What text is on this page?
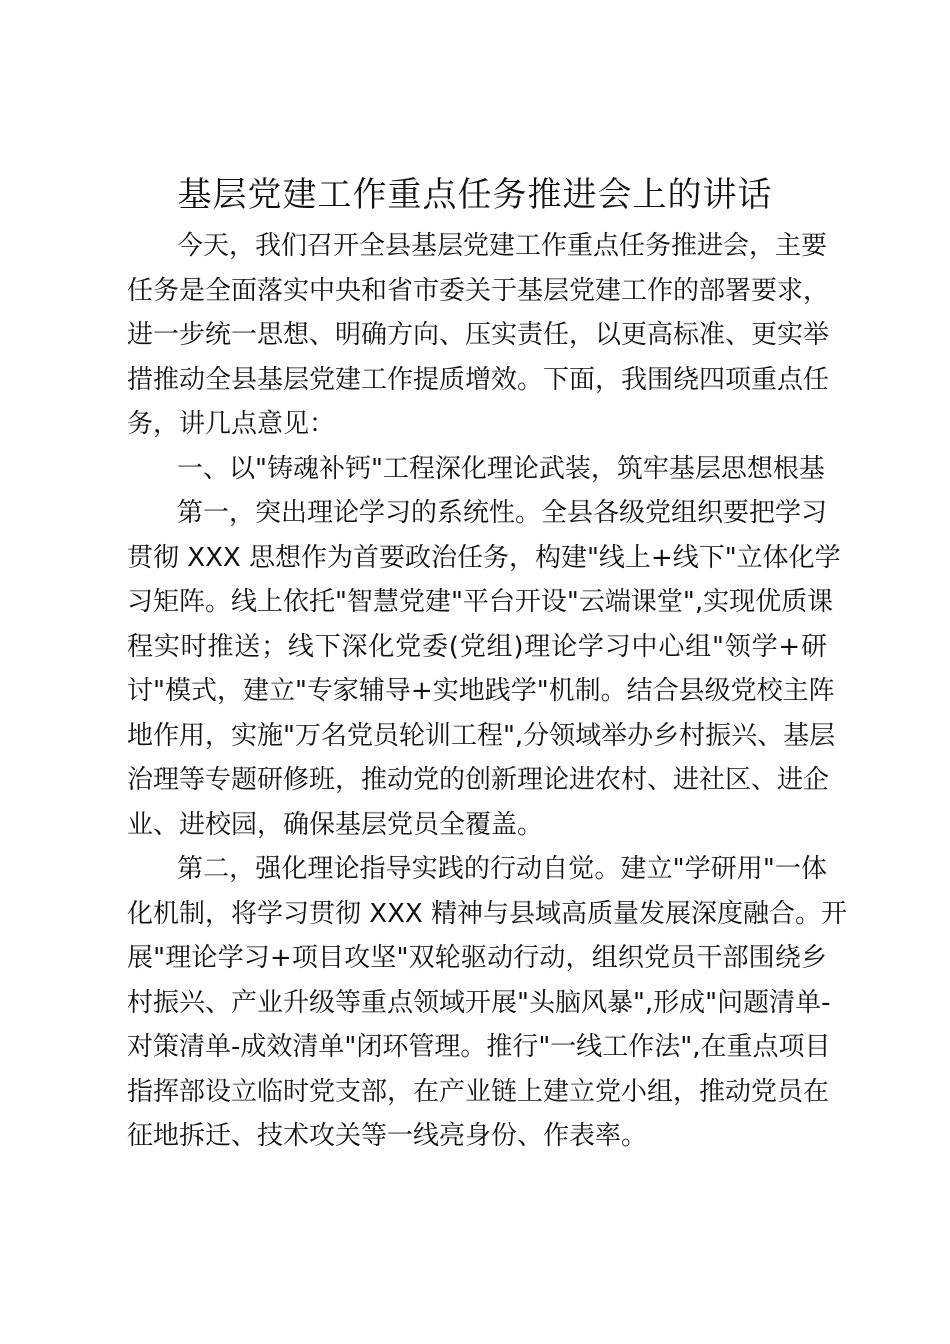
基层党建工作重点任务推进会上的讲话
今天，我们召开全县基层党建工作重点任务推进会，主要
任务是全面落实中央和省市委关于基层党建工作的部署要求，
进一步统一思想、明确方向、压实责任，以更高标准、更实举
措推动全县基层党建工作提质增效。下面，我围绕四项重点任
务，讲几点意见：
一、以"铸魂补钙"工程深化理论武装，筑牢基层思想根基
第一，突出理论学习的系统性。全县各级党组织要把学习
贯彻 XXX 思想作为首要政治任务，构建"线上+线下"立体化学
习矩阵。线上依托"智慧党建"平台开设"云端课堂",实现优质课
程实时推送；线下深化党委(党组)理论学习中心组"领学+研
讨"模式，建立"专家辅导+实地践学"机制。结合县级党校主阵
地作用，实施"万名党员轮训工程",分领域举办乡村振兴、基层
治理等专题研修班，推动党的创新理论进农村、进社区、进企
业、进校园，确保基层党员全覆盖。
第二，强化理论指导实践的行动自觉。建立"学研用"一体
化机制，将学习贯彻 XXX 精神与县域高质量发展深度融合。开
展"理论学习+项目攻坚"双轮驱动行动，组织党员干部围绕乡
村振兴、产业升级等重点领域开展"头脑风暴",形成"问题清单-
对策清单-成效清单"闭环管理。推行"一线工作法",在重点项目
指挥部设立临时党支部，在产业链上建立党小组，推动党员在
征地拆迁、技术攻关等一线亮身份、作表率。
